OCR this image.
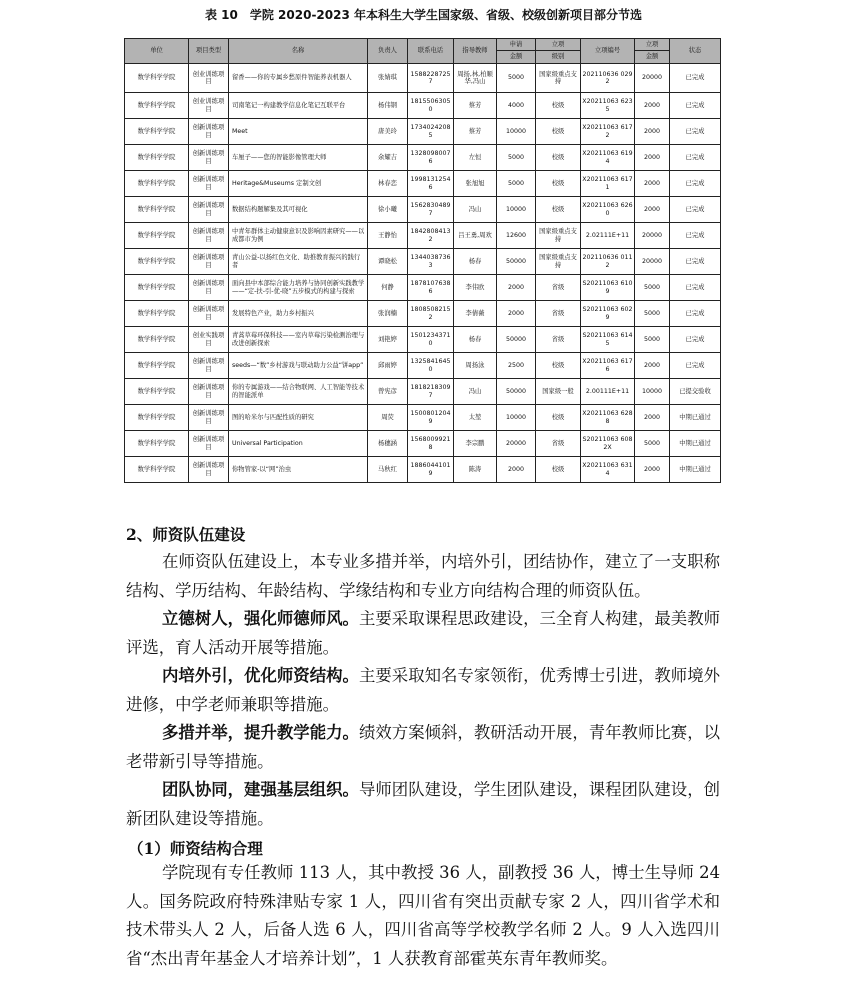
表 10　学院 2020-2023 年本科生大学生国家级、省级、校级创新项目部分节选
单位	项目类型	名称	负责人	联系电话	指导教师	申请	立项	立项编号	立项	状态
						金额	级别		金额	
数学科学学院	创业训练项目	留香——你的专属乡愁原件智能养表机器人	张婧琪	15882287257	周扬,林,柏顺华,冯山	5000	国家级重点支持	202110636 0292	20000	已完成
数学科学学院	创业训练项目	司南笔记一构建教学信息化笔记互联平台	杨伟钢	18155063050	蔡芳	4000	校级	X20211063 6235	2000	已完成
数学科学学院	创新训练项目	Meet	唐美玲	17340242085	蔡芳	10000	校级	X20211063 6172	2000	已完成
数学科学学院	创新训练项目	车厘子——您的智能影像管理大师	余耀吉	13280980076	左恒	5000	校级	X20211063 6194	2000	已完成
数学科学学院	创新训练项目	Heritage&Museums 定制文创	林春恋	19981312546	张旭旭	5000	校级	X20211063 6171	2000	已完成
数学科学学院	创新训练项目	数据结构题解集及其可视化	徐小曦	15628304897	冯山	10000	校级	X20211063 6260	2000	已完成
数学科学学院	创新训练项目	中青年群体主动健康意识及影响因素研究——以成都市为例	王静怡	18428084132	吕王勇,周欢	12600	国家级重点支持	2.02111E+11	20000	已完成
数学科学学院	创新训练项目	青山公益-以扬红色文化、助推教育振兴的践行者	谭晓松	13440387363	杨春	50000	国家级重点支持	202110636 0112	20000	已完成
数学科学学院	创新训练项目	面向县中本部综合能力培养与协同创新实践教学——“定-扶-引-优-晓”五步模式的构建与探索	何静	18781076386	李伟欧	2000	省级	S20211063 6109	5000	已完成
数学科学学院	创新训练项目	发展特色产业，助力乡村振兴	张润楠	18085082152	李倩薇	2000	省级	S20211063 6029	5000	已完成
数学科学学院	创业实践项目	青蒿草莓环保科技——室内草莓污染检测治理与改进创新探索	刘艳婷	15012343710	杨春	50000	省级	S20211063 6145	5000	已完成
数学科学学院	创新训练项目	seeds—“数”乡村游戏与联动助力公益“饼app”	邱雨婷	13258416450	周扬泳	2500	校级	X20211063 6176	2000	已完成
数学科学学院	创新训练项目	你的专属游戏——结合物联网、人工智能等技术的智能派单	曾宪彦	18182183097	冯山	50000	国家级一般	2.00111E+11	10000	已提交验收
数学科学学院	创新训练项目	图的哈米尔与匹配性质的研究	周荧	15008012049	太堃	10000	校级	X20211063 6288	2000	中期已通过
数学科学学院	创新训练项目	Universal Participation	杨穗涵	15680099218	李宗鹏	20000	省级	S20211063 6082X	5000	中期已通过
数学科学学院	创新训练项目	你物管家-以“网”治虫	马秋红	18860441019	陈涛	2000	校级	X20211063 6314	2000	中期已通过
2、师资队伍建设

在师资队伍建设上，本专业多措并举，内培外引，团结协作，建立了一支职称结构、学历结构、年龄结构、学缘结构和专业方向结构合理的师资队伍。

立德树人，强化师德师风。主要采取课程思政建设，三全育人构建，最美教师评选，育人活动开展等措施。

内培外引，优化师资结构。主要采取知名专家领衔，优秀博士引进，教师境外进修，中学老师兼职等措施。

多措并举，提升教学能力。绩效方案倾斜，教研活动开展，青年教师比赛，以老带新引导等措施。

团队协同，建强基层组织。导师团队建设，学生团队建设，课程团队建设，创新团队建设等措施。

（1）师资结构合理

学院现有专任教师 113 人，其中教授 36 人，副教授 36 人，博士生导师 24 人。国务院政府特殊津贴专家 1 人，四川省有突出贡献专家 2 人，四川省学术和技术带头人 2 人，后备人选 6 人，四川省高等学校教学名师 2 人。9 人入选四川省“杰出青年基金人才培养计划”，1 人获教育部霍英东青年教师奖。
